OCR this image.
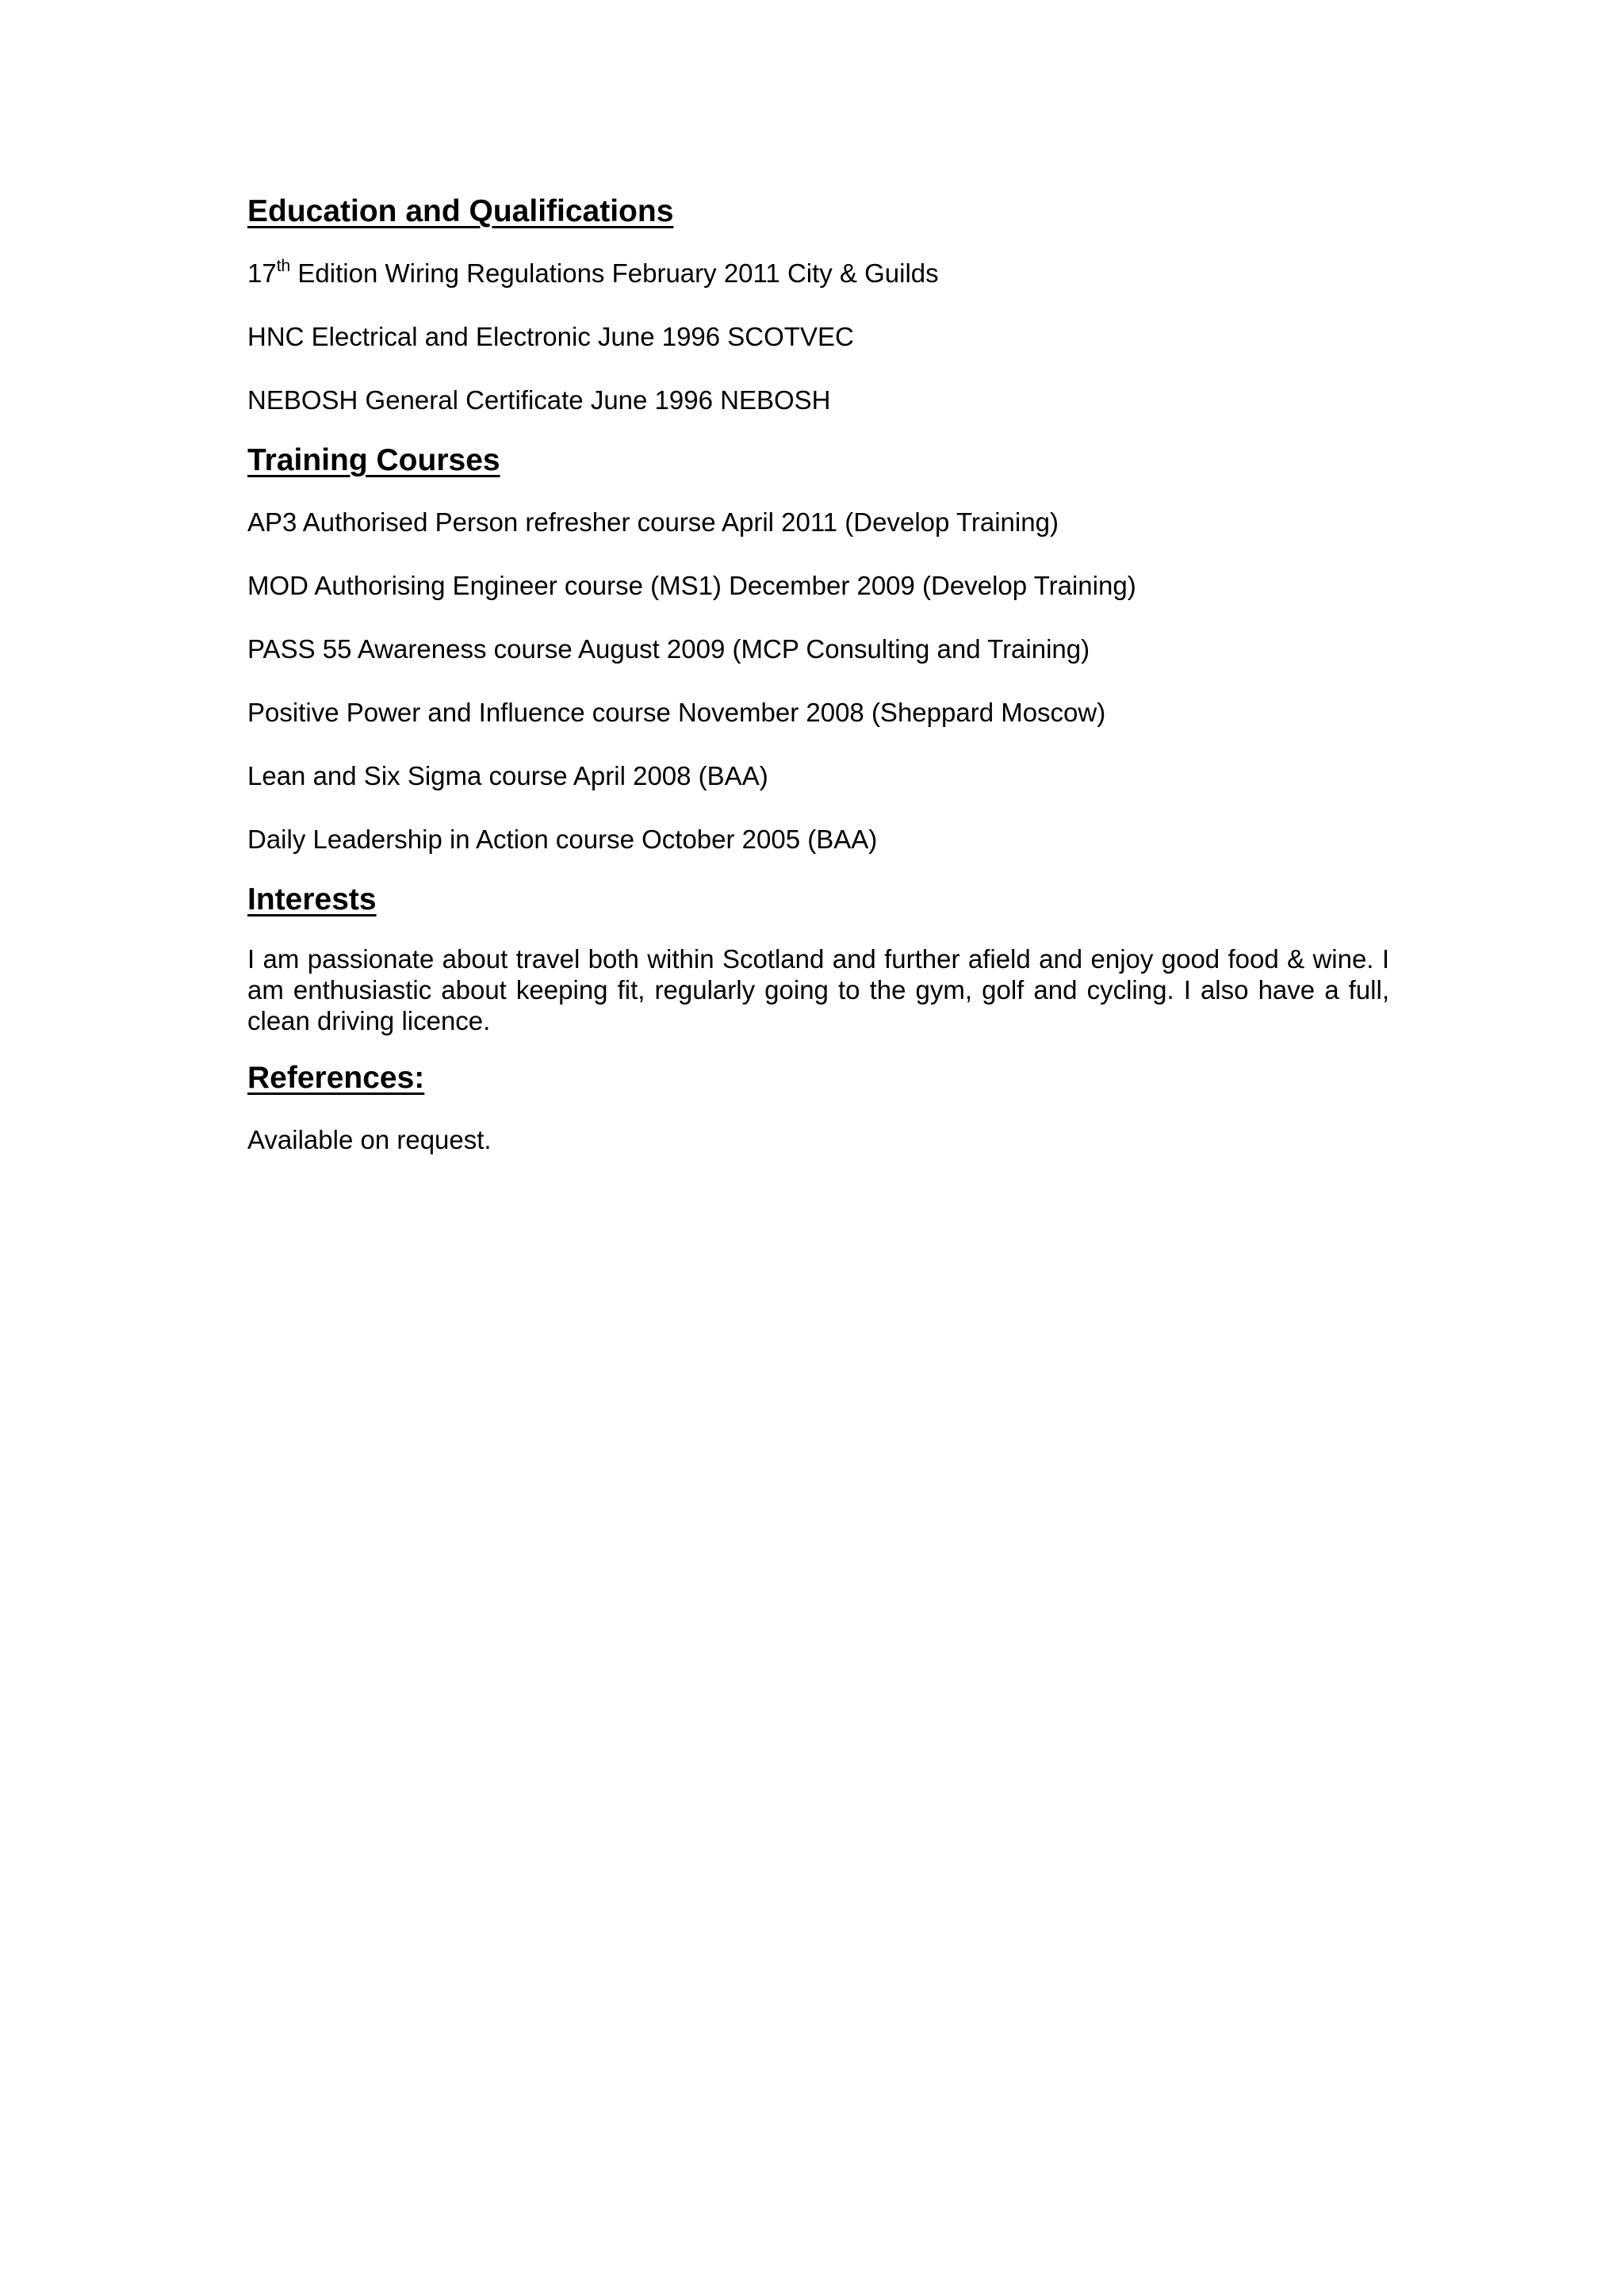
Education and Qualifications

17th Edition Wiring Regulations February 2011 City & Guilds

HNC Electrical and Electronic June 1996 SCOTVEC

NEBOSH General Certificate June 1996 NEBOSH

Training Courses

AP3 Authorised Person refresher course April 2011 (Develop Training)

MOD Authorising Engineer course (MS1) December 2009 (Develop Training)

PASS 55 Awareness course August 2009 (MCP Consulting and Training)

Positive Power and Influence course November 2008 (Sheppard Moscow)

Lean and Six Sigma course April 2008 (BAA)

Daily Leadership in Action course October 2005 (BAA)

Interests

I am passionate about travel both within Scotland and further afield and enjoy good food & wine. I am enthusiastic about keeping fit, regularly going to the gym, golf and cycling. I also have a full, clean driving licence.

References:

Available on request.
